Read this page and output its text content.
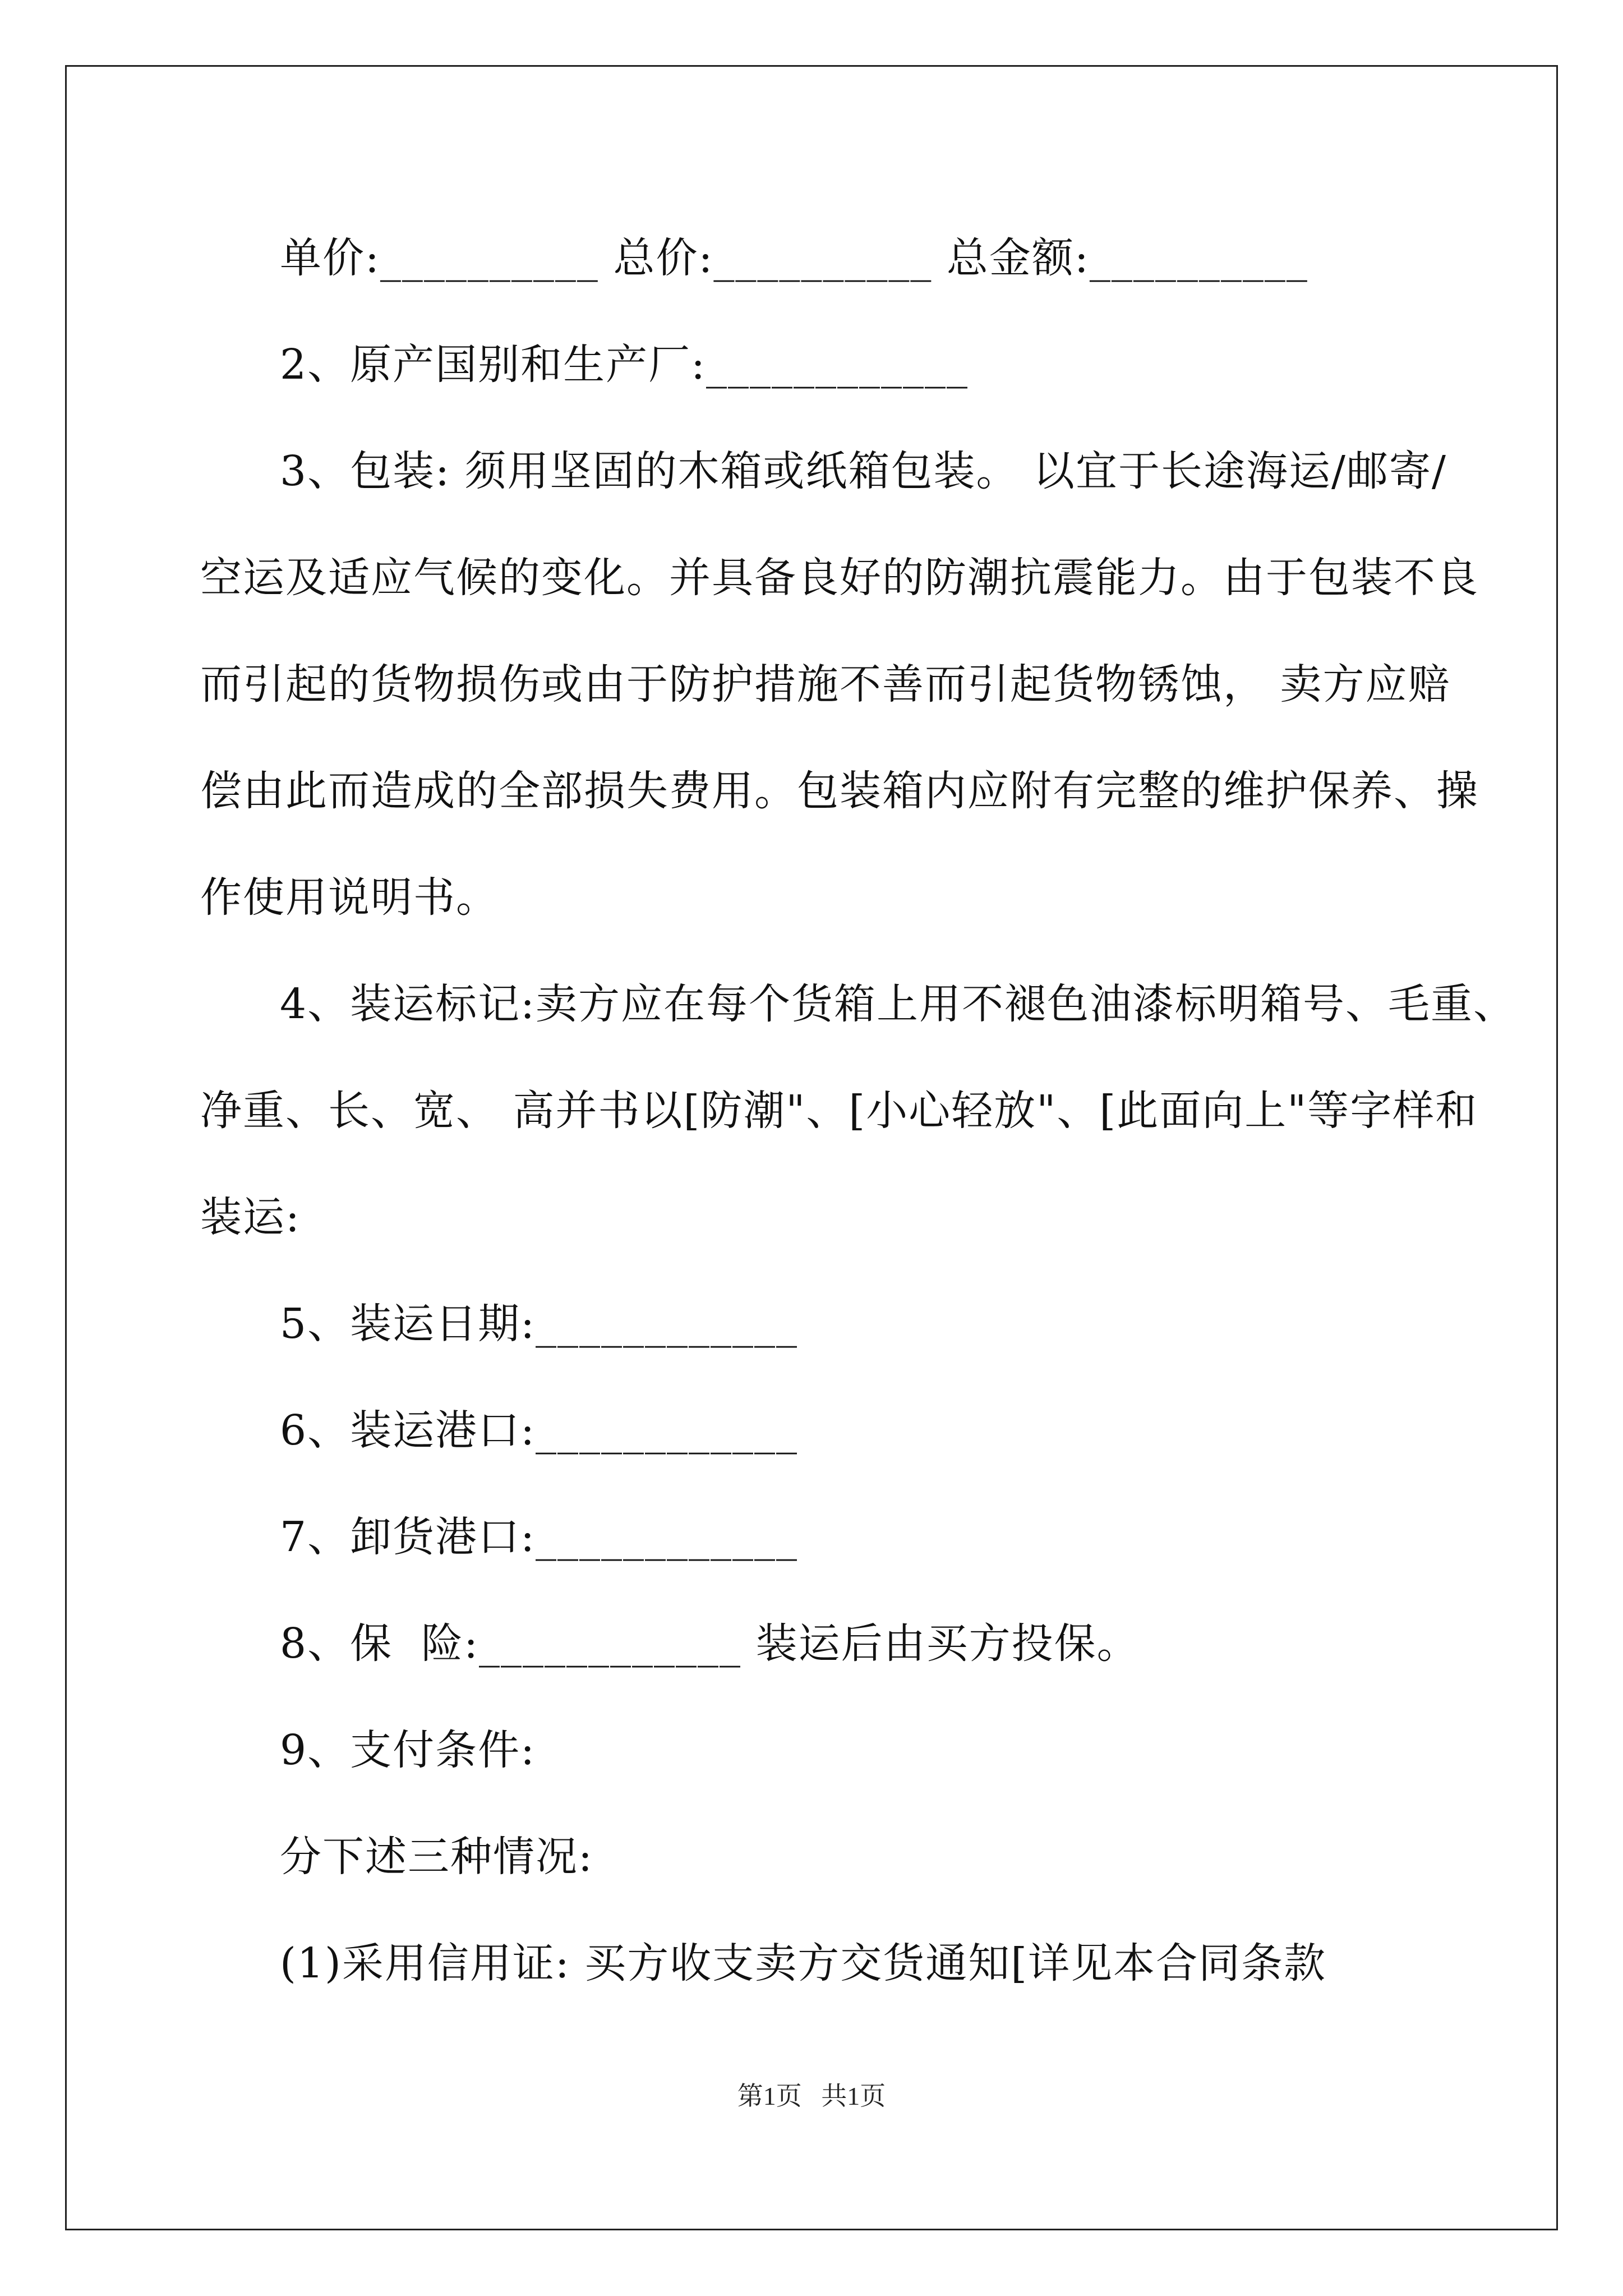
单价:__________ 总价:__________ 总金额:__________
2、原产国别和生产厂:____________
3、包装: 须用坚固的木箱或纸箱包装。 以宜于长途海运/邮寄/
空运及适应气候的变化。并具备良好的防潮抗震能力。由于包装不良
而引起的货物损伤或由于防护措施不善而引起货物锈蚀， 卖方应赔
偿由此而造成的全部损失费用。包装箱内应附有完整的维护保养、操
作使用说明书。
4、装运标记:卖方应在每个货箱上用不褪色油漆标明箱号、毛重、
净重、长、宽、 高并书以[防潮"、[小心轻放"、[此面向上"等字样和
装运:
5、装运日期:____________
6、装运港口:____________
7、卸货港口:____________
8、保  险:____________ 装运后由买方投保。
9、支付条件:
分下述三种情况:
(1)采用信用证: 买方收支卖方交货通知[详见本合同条款
第1页   共1页
